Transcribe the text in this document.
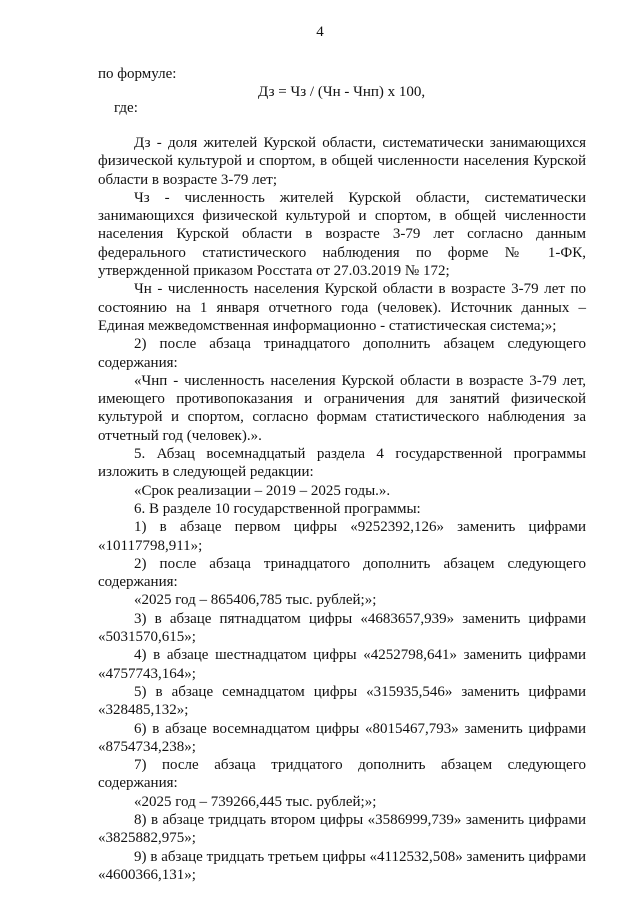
4
по формуле:
Дз = Чз / (Чн - Чнп) х 100,
где:

Дз - доля жителей Курской области, систематически занимающихся физической культурой и спортом, в общей численности населения Курской области в возрасте 3-79 лет;

Чз - численность жителей Курской области, систематически занимающихся физической культурой и спортом, в общей численности населения Курской области в возрасте 3-79 лет согласно данным федерального статистического наблюдения по форме № 1-ФК, утвержденной приказом Росстата от 27.03.2019 № 172;

Чн - численность населения Курской области в возрасте 3-79 лет по состоянию на 1 января отчетного года (человек). Источник данных – Единая межведомственная информационно - статистическая система;»;

2) после абзаца тринадцатого дополнить абзацем следующего содержания:

«Чнп - численность населения Курской области в возрасте 3-79 лет, имеющего противопоказания и ограничения для занятий физической культурой и спортом, согласно формам статистического наблюдения за отчетный год (человек).».

5. Абзац восемнадцатый раздела 4 государственной программы изложить в следующей редакции:

«Срок реализации – 2019 – 2025 годы.».

6. В разделе 10 государственной программы:

1) в абзаце первом цифры «9252392,126» заменить цифрами «10117798,911»;

2) после абзаца тринадцатого дополнить абзацем следующего содержания:

«2025 год – 865406,785 тыс. рублей;»;

3) в абзаце пятнадцатом цифры «4683657,939» заменить цифрами «5031570,615»;

4) в абзаце шестнадцатом цифры «4252798,641» заменить цифрами «4757743,164»;

5) в абзаце семнадцатом цифры «315935,546» заменить цифрами «328485,132»;

6) в абзаце восемнадцатом цифры «8015467,793» заменить цифрами «8754734,238»;

7) после абзаца тридцатого дополнить абзацем следующего содержания:

«2025 год – 739266,445 тыс. рублей;»;

8) в абзаце тридцать втором цифры «3586999,739» заменить цифрами «3825882,975»;

9) в абзаце тридцать третьем цифры «4112532,508» заменить цифрами «4600366,131»;
